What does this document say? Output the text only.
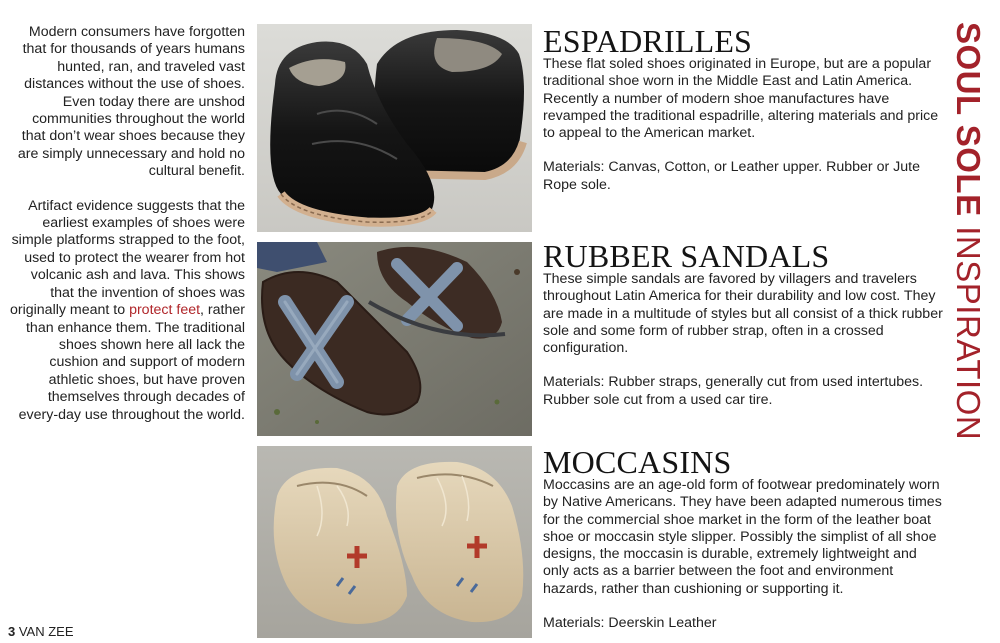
Modern consumers have forgotten that for thousands of years humans hunted, ran, and traveled vast distances without the use of shoes. Even today there are unshod communities throughout the world that don’t wear shoes because they are simply unnecessary and hold no cultural benefit.

Artifact evidence suggests that the earliest examples of shoes were simple platforms strapped to the foot, used to protect the wearer from hot volcanic ash and lava. This shows that the invention of shoes was originally meant to protect feet, rather than enhance them. The traditional shoes shown here all lack the cushion and support of modern athletic shoes, but have proven themselves through decades of every-day use throughout the world.

ESPADRILLES

These flat soled shoes originated in Europe, but are a popular traditional shoe worn in the Middle East and Latin America. Recently a number of modern shoe manufactures have revamped the traditional espadrille, altering materials and price to appeal to the American market.

Materials: Canvas, Cotton, or Leather upper. Rubber or Jute Rope sole.

RUBBER SANDALS

These simple sandals are favored by villagers and travelers throughout Latin America for their durability and low cost. They are made in a multitude of styles but all consist of a thick rubber sole and some form of rubber strap, often in a crossed configuration.

Materials: Rubber straps, generally cut from used intertubes. Rubber sole cut from a used car tire.

MOCCASINS

Moccasins are an age-old form of footwear predominately worn by Native Americans. They have been adapted numerous times for the commercial shoe market in the form of the leather boat shoe or moccasin style slipper. Possibly the simplist of all shoe designs, the moccasin is durable, extremely lightweight and only acts as a barrier between the foot and environment hazards, rather than cushioning or supporting it.

Materials: Deerskin Leather

SOUL SOLE INSPIRATION
3 VAN ZEE
